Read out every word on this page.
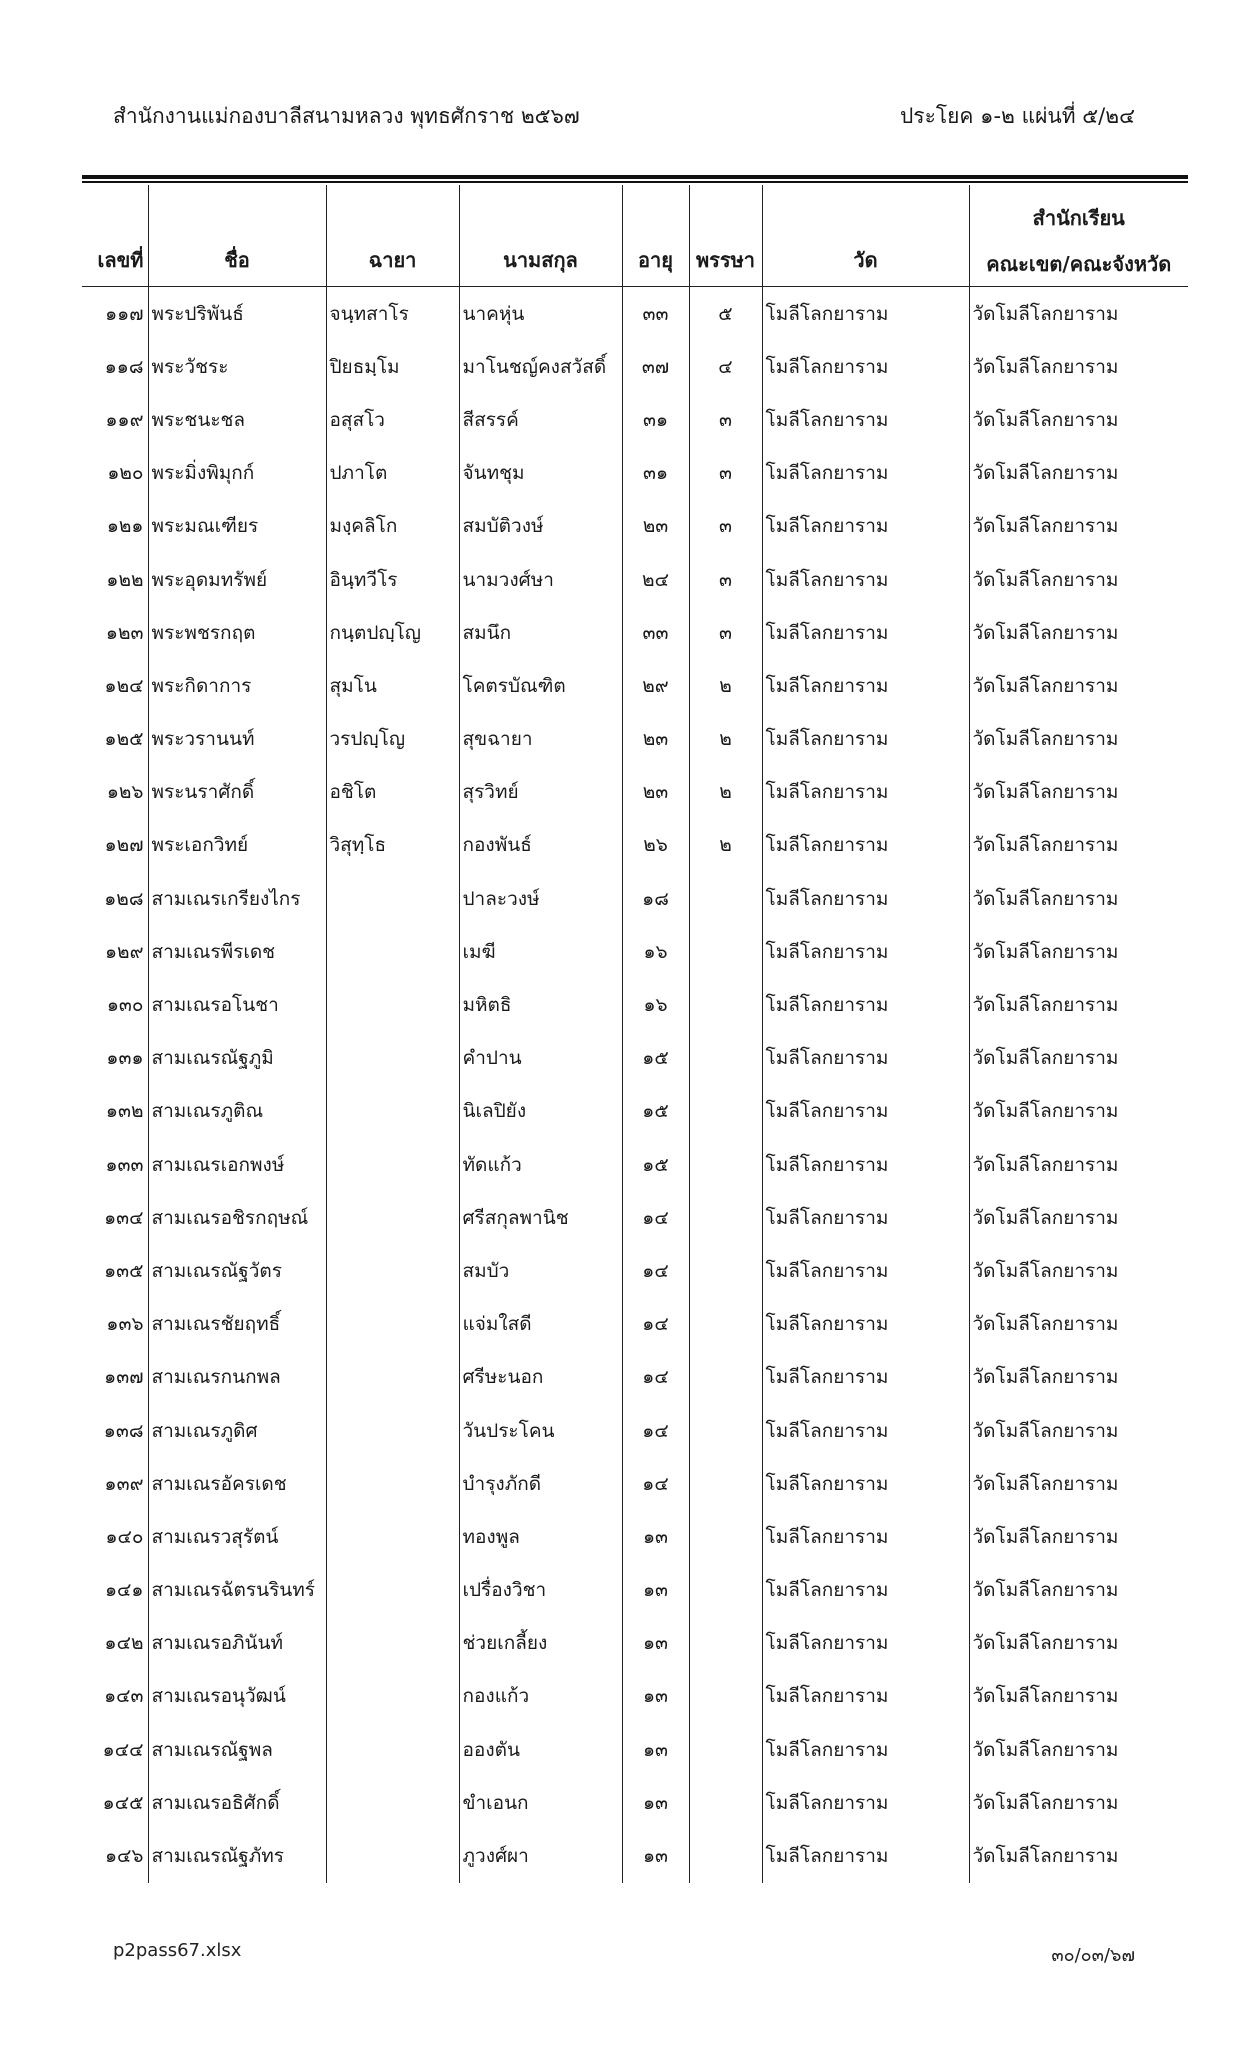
สำนักงานแม่กองบาลีสนามหลวง พุทธศักราช ๒๕๖๗	ประโยค ๑-๒ แผ่นที่ ๕/๒๔
เลขที่	ชื่อ	ฉายา	นามสกุล	อายุ	พรรษา	วัด	สำนักเรียน
คณะเขต/คณะจังหวัด

๑๑๗	พระปริพันธ์	จนฺทสาโร	นาคหุ่น	๓๓	๕	โมลีโลกยาราม	วัดโมลีโลกยาราม
๑๑๘	พระวัชระ	ปิยธมฺโม	มาโนชญ์คงสวัสดิ์	๓๗	๔	โมลีโลกยาราม	วัดโมลีโลกยาราม
๑๑๙	พระชนะชล	อสุสโว	สีสรรค์	๓๑	๓	โมลีโลกยาราม	วัดโมลีโลกยาราม
๑๒๐	พระมิ่งพิมุกก์	ปภาโต	จันทชุม	๓๑	๓	โมลีโลกยาราม	วัดโมลีโลกยาราม
๑๒๑	พระมณเฑียร	มงฺคลิโก	สมบัติวงษ์	๒๓	๓	โมลีโลกยาราม	วัดโมลีโลกยาราม
๑๒๒	พระอุดมทรัพย์	อินฺทวีโร	นามวงศ์ษา	๒๔	๓	โมลีโลกยาราม	วัดโมลีโลกยาราม
๑๒๓	พระพชรกฤต	กนฺตปญฺโญ	สมนึก	๓๓	๓	โมลีโลกยาราม	วัดโมลีโลกยาราม
๑๒๔	พระกิดาการ	สุมโน	โคตรบัณฑิต	๒๙	๒	โมลีโลกยาราม	วัดโมลีโลกยาราม
๑๒๕	พระวรานนท์	วรปญฺโญ	สุขฉายา	๒๓	๒	โมลีโลกยาราม	วัดโมลีโลกยาราม
๑๒๖	พระนราศักดิ์	อชิโต	สุรวิทย์	๒๓	๒	โมลีโลกยาราม	วัดโมลีโลกยาราม
๑๒๗	พระเอกวิทย์	วิสุทฺโธ	กองพันธ์	๒๖	๒	โมลีโลกยาราม	วัดโมลีโลกยาราม
๑๒๘	สามเณรเกรียงไกร		ปาละวงษ์	๑๘		โมลีโลกยาราม	วัดโมลีโลกยาราม
๑๒๙	สามเณรพีรเดช		เมฆี	๑๖		โมลีโลกยาราม	วัดโมลีโลกยาราม
๑๓๐	สามเณรอโนชา		มหิตธิ	๑๖		โมลีโลกยาราม	วัดโมลีโลกยาราม
๑๓๑	สามเณรณัฐภูมิ		คำปาน	๑๕		โมลีโลกยาราม	วัดโมลีโลกยาราม
๑๓๒	สามเณรภูติณ		นิเลปิยัง	๑๕		โมลีโลกยาราม	วัดโมลีโลกยาราม
๑๓๓	สามเณรเอกพงษ์		ทัดแก้ว	๑๕		โมลีโลกยาราม	วัดโมลีโลกยาราม
๑๓๔	สามเณรอชิรกฤษณ์		ศรีสกุลพานิช	๑๔		โมลีโลกยาราม	วัดโมลีโลกยาราม
๑๓๕	สามเณรณัฐวัตร		สมบัว	๑๔		โมลีโลกยาราม	วัดโมลีโลกยาราม
๑๓๖	สามเณรชัยฤทธิ์		แจ่มใสดี	๑๔		โมลีโลกยาราม	วัดโมลีโลกยาราม
๑๓๗	สามเณรกนกพล		ศรีษะนอก	๑๔		โมลีโลกยาราม	วัดโมลีโลกยาราม
๑๓๘	สามเณรภูดิศ		วันประโคน	๑๔		โมลีโลกยาราม	วัดโมลีโลกยาราม
๑๓๙	สามเณรอัครเดช		บำรุงภักดี	๑๔		โมลีโลกยาราม	วัดโมลีโลกยาราม
๑๔๐	สามเณรวสุรัตน์		ทองพูล	๑๓		โมลีโลกยาราม	วัดโมลีโลกยาราม
๑๔๑	สามเณรฉัตรนรินทร์		เปรื่องวิชา	๑๓		โมลีโลกยาราม	วัดโมลีโลกยาราม
๑๔๒	สามเณรอภินันท์		ช่วยเกลี้ยง	๑๓		โมลีโลกยาราม	วัดโมลีโลกยาราม
๑๔๓	สามเณรอนุวัฒน์		กองแก้ว	๑๓		โมลีโลกยาราม	วัดโมลีโลกยาราม
๑๔๔	สามเณรณัฐพล		อองตัน	๑๓		โมลีโลกยาราม	วัดโมลีโลกยาราม
๑๔๕	สามเณรอธิศักดิ์		ขำเอนก	๑๓		โมลีโลกยาราม	วัดโมลีโลกยาราม
๑๔๖	สามเณรณัฐภัทร		ภูวงศ์ผา	๑๓		โมลีโลกยาราม	วัดโมลีโลกยาราม
p2pass67.xlsx	๓๐/๐๓/๖๗
